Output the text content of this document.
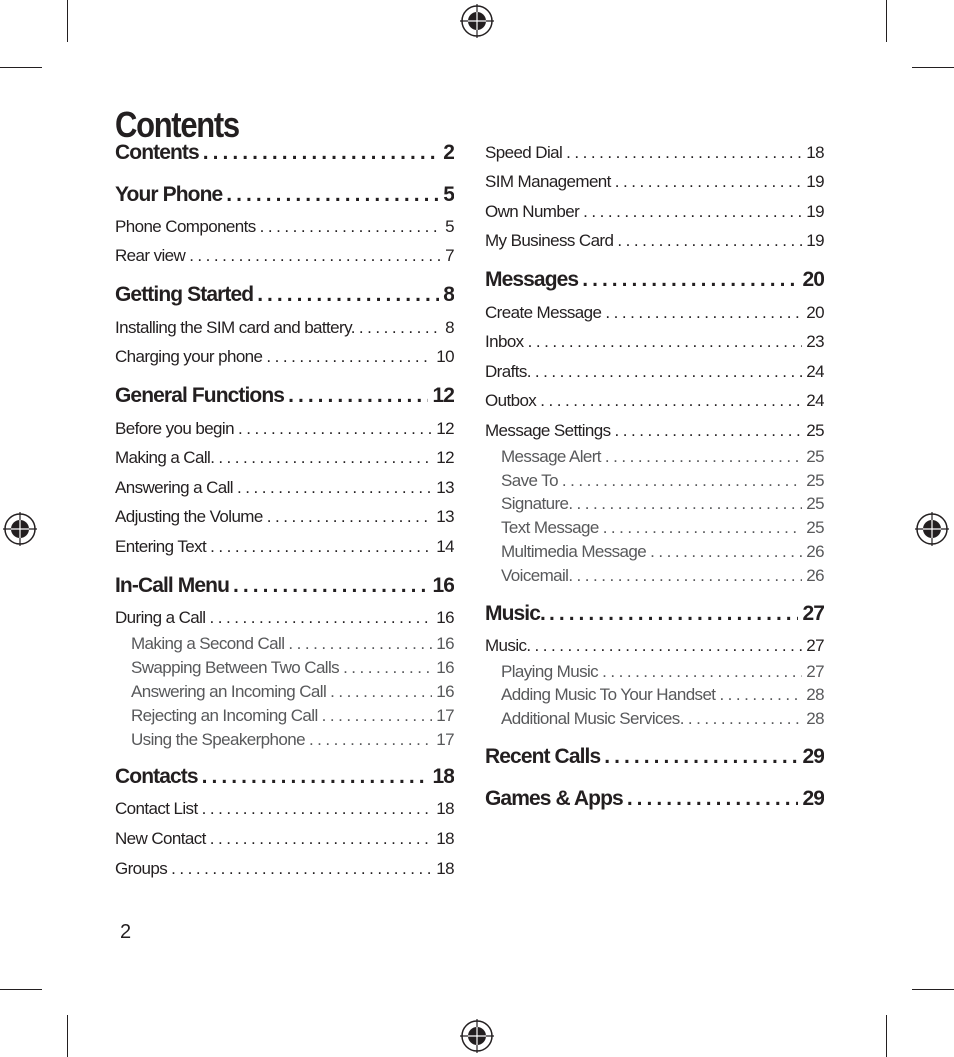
Contents
Contents . . .	2
Your Phone . . .	5
Phone Components . . .	5
Rear view . . .	7
Getting Started . . .	8
Installing the SIM card and battery. . . .	8
Charging your phone . . .	10
General Functions . . .	12
Before you begin . . .	12
Making a Call. . . .	12
Answering a Call . . .	13
Adjusting the Volume . . .	13
Entering Text . . .	14
In-Call Menu . . .	16
During a Call . . .	16
Making a Second Call . . .	16
Swapping Between Two Calls . . .	16
Answering an Incoming Call . . .	16
Rejecting an Incoming Call . . .	17
Using the Speakerphone . . .	17
Contacts . . .	18
Contact List . . .	18
New Contact . . .	18
Groups . . .	18
Speed Dial . . .	18
SIM Management . . .	19
Own Number . . .	19
My Business Card . . .	19
Messages . . .	20
Create Message . . .	20
Inbox . . .	23
Drafts. . . .	24
Outbox . . .	24
Message Settings . . .	25
Message Alert . . .	25
Save To . . .	25
Signature. . . .	25
Text Message . . .	25
Multimedia Message . . .	26
Voicemail. . . .	26
Music. . . .	27
Music. . . .	27
Playing Music . . .	27
Adding Music To Your Handset . . .	28
Additional Music Services. . . .	28
Recent Calls . . .	29
Games & Apps . . .	29
2
